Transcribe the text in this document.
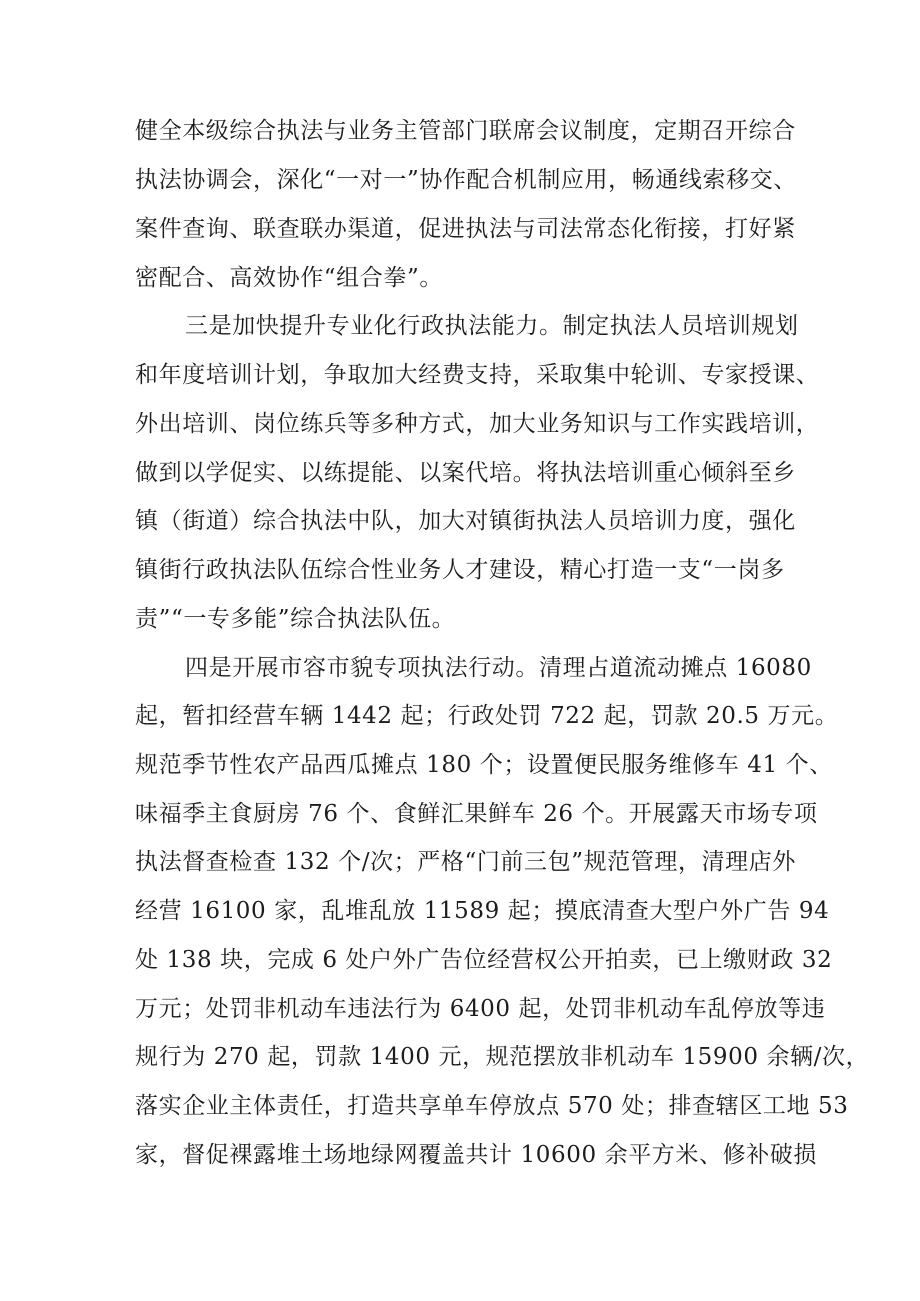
健全本级综合执法与业务主管部门联席会议制度，定期召开综合

执法协调会，深化“一对一”协作配合机制应用，畅通线索移交、

案件查询、联查联办渠道，促进执法与司法常态化衔接，打好紧

密配合、高效协作“组合拳”。

三是加快提升专业化行政执法能力。制定执法人员培训规划

和年度培训计划，争取加大经费支持，采取集中轮训、专家授课、

外出培训、岗位练兵等多种方式，加大业务知识与工作实践培训，

做到以学促实、以练提能、以案代培。将执法培训重心倾斜至乡

镇（街道）综合执法中队，加大对镇街执法人员培训力度，强化

镇街行政执法队伍综合性业务人才建设，精心打造一支“一岗多

责”“一专多能”综合执法队伍。

四是开展市容市貌专项执法行动。清理占道流动摊点 16080

起，暂扣经营车辆 1442 起；行政处罚 722 起，罚款 20.5 万元。

规范季节性农产品西瓜摊点 180 个；设置便民服务维修车 41 个、

味福季主食厨房 76 个、食鲜汇果鲜车 26 个。开展露天市场专项

执法督查检查 132 个/次；严格“门前三包”规范管理，清理店外

经营 16100 家，乱堆乱放 11589 起；摸底清查大型户外广告 94

处 138 块，完成 6 处户外广告位经营权公开拍卖，已上缴财政 32

万元；处罚非机动车违法行为 6400 起，处罚非机动车乱停放等违

规行为 270 起，罚款 1400 元，规范摆放非机动车 15900 余辆/次，

落实企业主体责任，打造共享单车停放点 570 处；排查辖区工地 53

家，督促裸露堆土场地绿网覆盖共计 10600 余平方米、修补破损
